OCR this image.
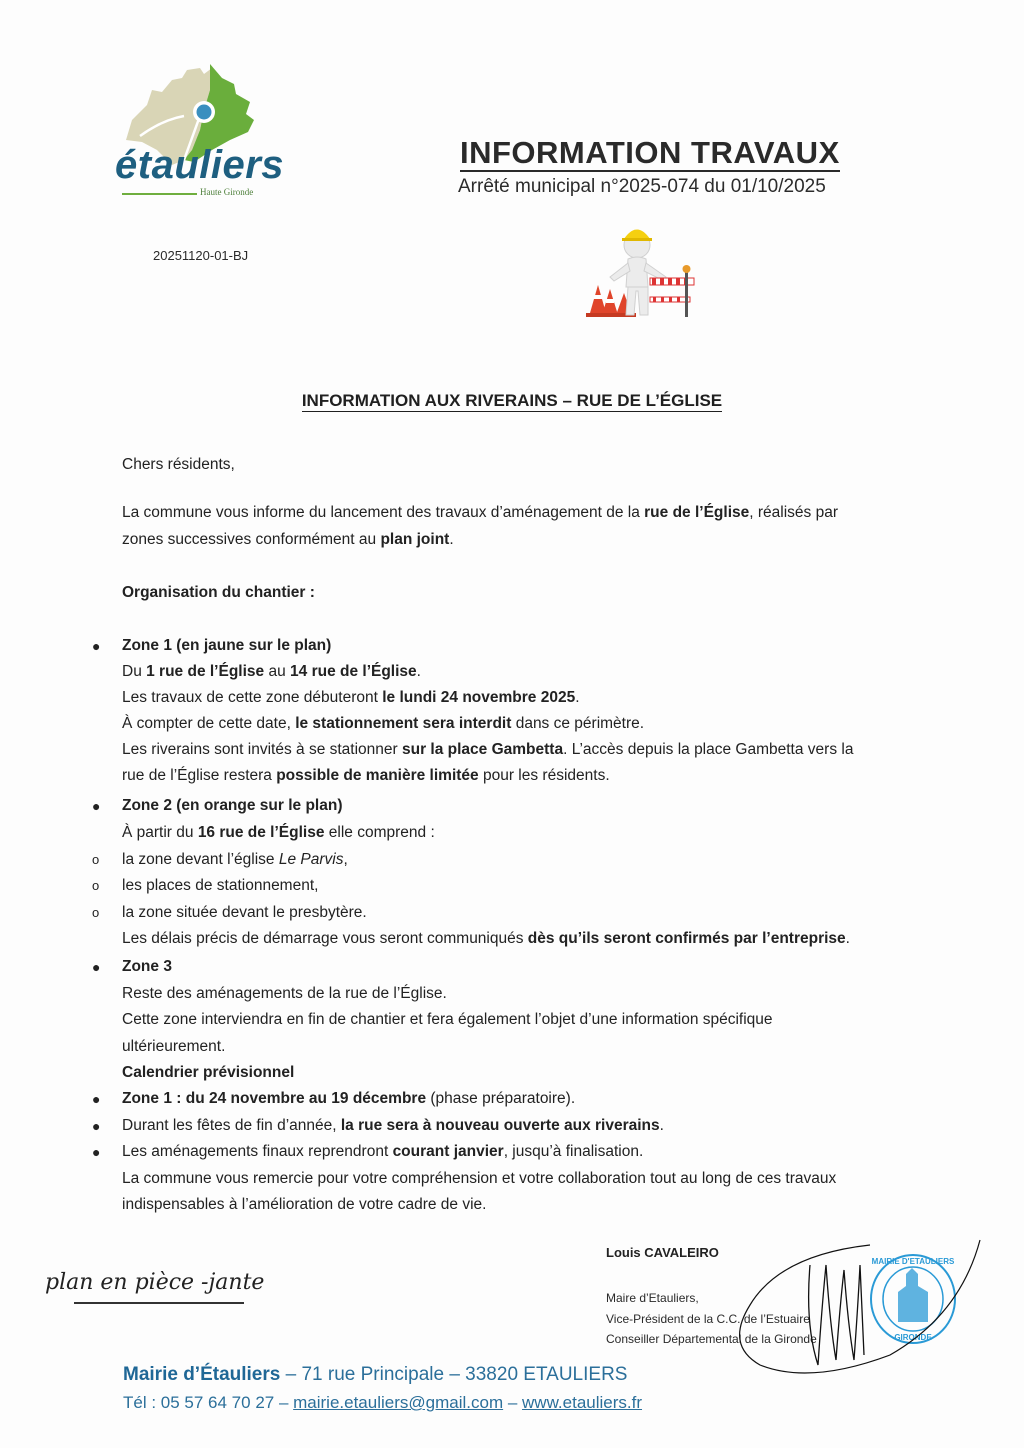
étauliers
Haute Gironde
INFORMATION TRAVAUX
Arrêté municipal n°2025-074 du 01/10/2025
20251120-01-BJ
INFORMATION AUX RIVERAINS – RUE DE L’ÉGLISE
Chers résidents,
La commune vous informe du lancement des travaux d’aménagement de la rue de l’Église, réalisés par
zones successives conformément au plan joint.
Organisation du chantier :
● Zone 1 (en jaune sur le plan)
Du 1 rue de l’Église au 14 rue de l’Église.
Les travaux de cette zone débuteront le lundi 24 novembre 2025.
À compter de cette date, le stationnement sera interdit dans ce périmètre.
Les riverains sont invités à se stationner sur la place Gambetta. L’accès depuis la place Gambetta vers la
rue de l’Église restera possible de manière limitée pour les résidents.
● Zone 2 (en orange sur le plan)
À partir du 16 rue de l’Église elle comprend :
o la zone devant l’église Le Parvis,
o les places de stationnement,
o la zone située devant le presbytère.
Les délais précis de démarrage vous seront communiqués dès qu’ils seront confirmés par l’entreprise.
● Zone 3
Reste des aménagements de la rue de l’Église.
Cette zone interviendra en fin de chantier et fera également l’objet d’une information spécifique
ultérieurement.
Calendrier prévisionnel
● Zone 1 : du 24 novembre au 19 décembre (phase préparatoire).
● Durant les fêtes de fin d’année, la rue sera à nouveau ouverte aux riverains.
● Les aménagements finaux reprendront courant janvier, jusqu’à finalisation.
La commune vous remercie pour votre compréhension et votre collaboration tout au long de ces travaux
indispensables à l’amélioration de votre cadre de vie.
plan en pièce -jante
Louis CAVALEIRO
Maire d’Etauliers,
Vice-Président de la C.C. de l’Estuaire
Conseiller Départemental de la Gironde
MAIRIE D'ETAULIERS
GIRONDE
Mairie d’Étauliers – 71 rue Principale – 33820 ETAULIERS
Tél : 05 57 64 70 27 – mairie.etauliers@gmail.com – www.etauliers.fr
